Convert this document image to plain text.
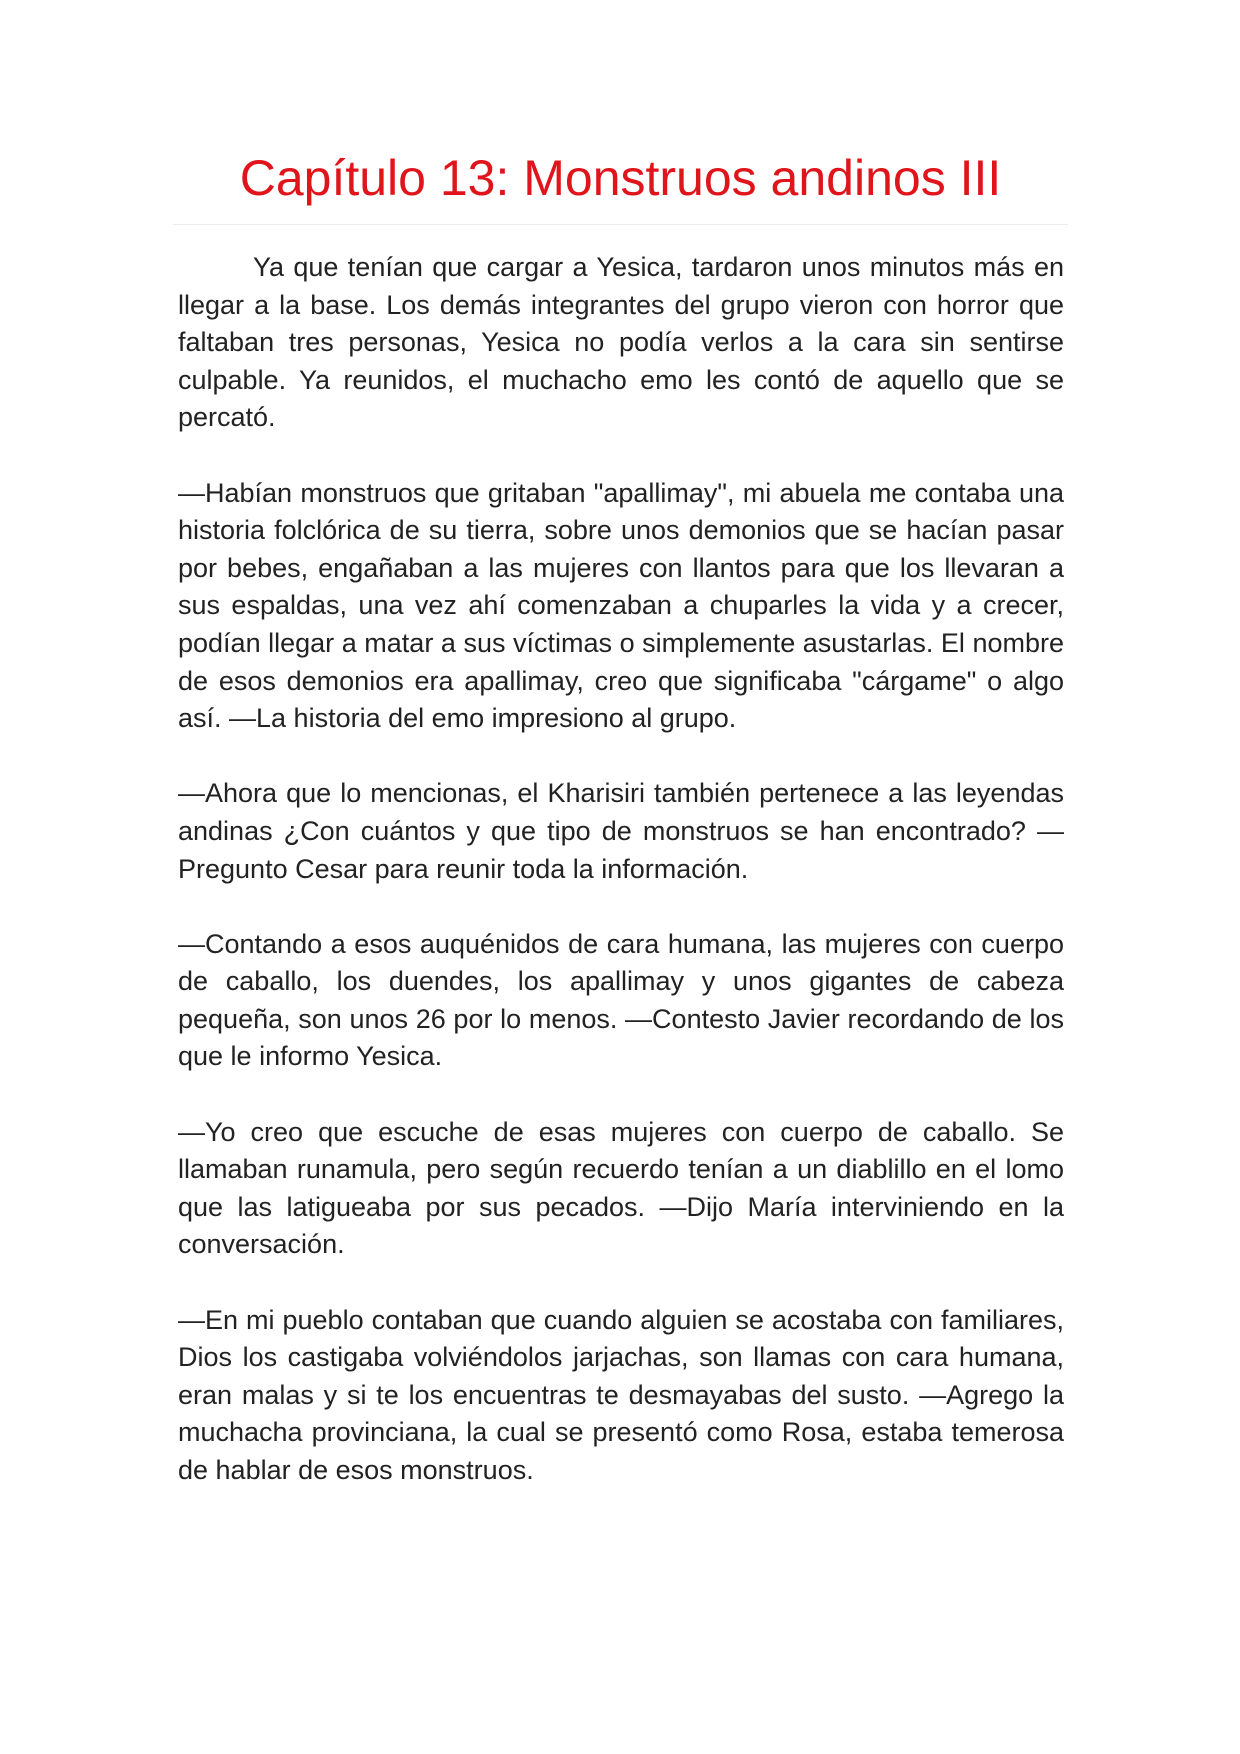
Capítulo 13: Monstruos andinos III

Ya que tenían que cargar a Yesica, tardaron unos minutos más en llegar a la base. Los demás integrantes del grupo vieron con horror que faltaban tres personas, Yesica no podía verlos a la cara sin sentirse culpable. Ya reunidos, el muchacho emo les contó de aquello que se percató.

—Habían monstruos que gritaban "apallimay", mi abuela me contaba una historia folclórica de su tierra, sobre unos demonios que se hacían pasar por bebes, engañaban a las mujeres con llantos para que los llevaran a sus espaldas, una vez ahí comenzaban a chuparles la vida y a crecer, podían llegar a matar a sus víctimas o simplemente asustarlas. El nombre de esos demonios era apallimay, creo que significaba "cárgame" o algo así. —La historia del emo impresiono al grupo.

—Ahora que lo mencionas, el Kharisiri también pertenece a las leyendas andinas ¿Con cuántos y que tipo de monstruos se han encontrado? —Pregunto Cesar para reunir toda la información.

—Contando a esos auquénidos de cara humana, las mujeres con cuerpo de caballo, los duendes, los apallimay y unos gigantes de cabeza pequeña, son unos 26 por lo menos. —Contesto Javier recordando de los que le informo Yesica.

—Yo creo que escuche de esas mujeres con cuerpo de caballo. Se llamaban runamula, pero según recuerdo tenían a un diablillo en el lomo que las latigueaba por sus pecados. —Dijo María interviniendo en la conversación.

—En mi pueblo contaban que cuando alguien se acostaba con familiares, Dios los castigaba volviéndolos jarjachas, son llamas con cara humana, eran malas y si te los encuentras te desmayabas del susto. —Agrego la muchacha provinciana, la cual se presentó como Rosa, estaba temerosa de hablar de esos monstruos.
